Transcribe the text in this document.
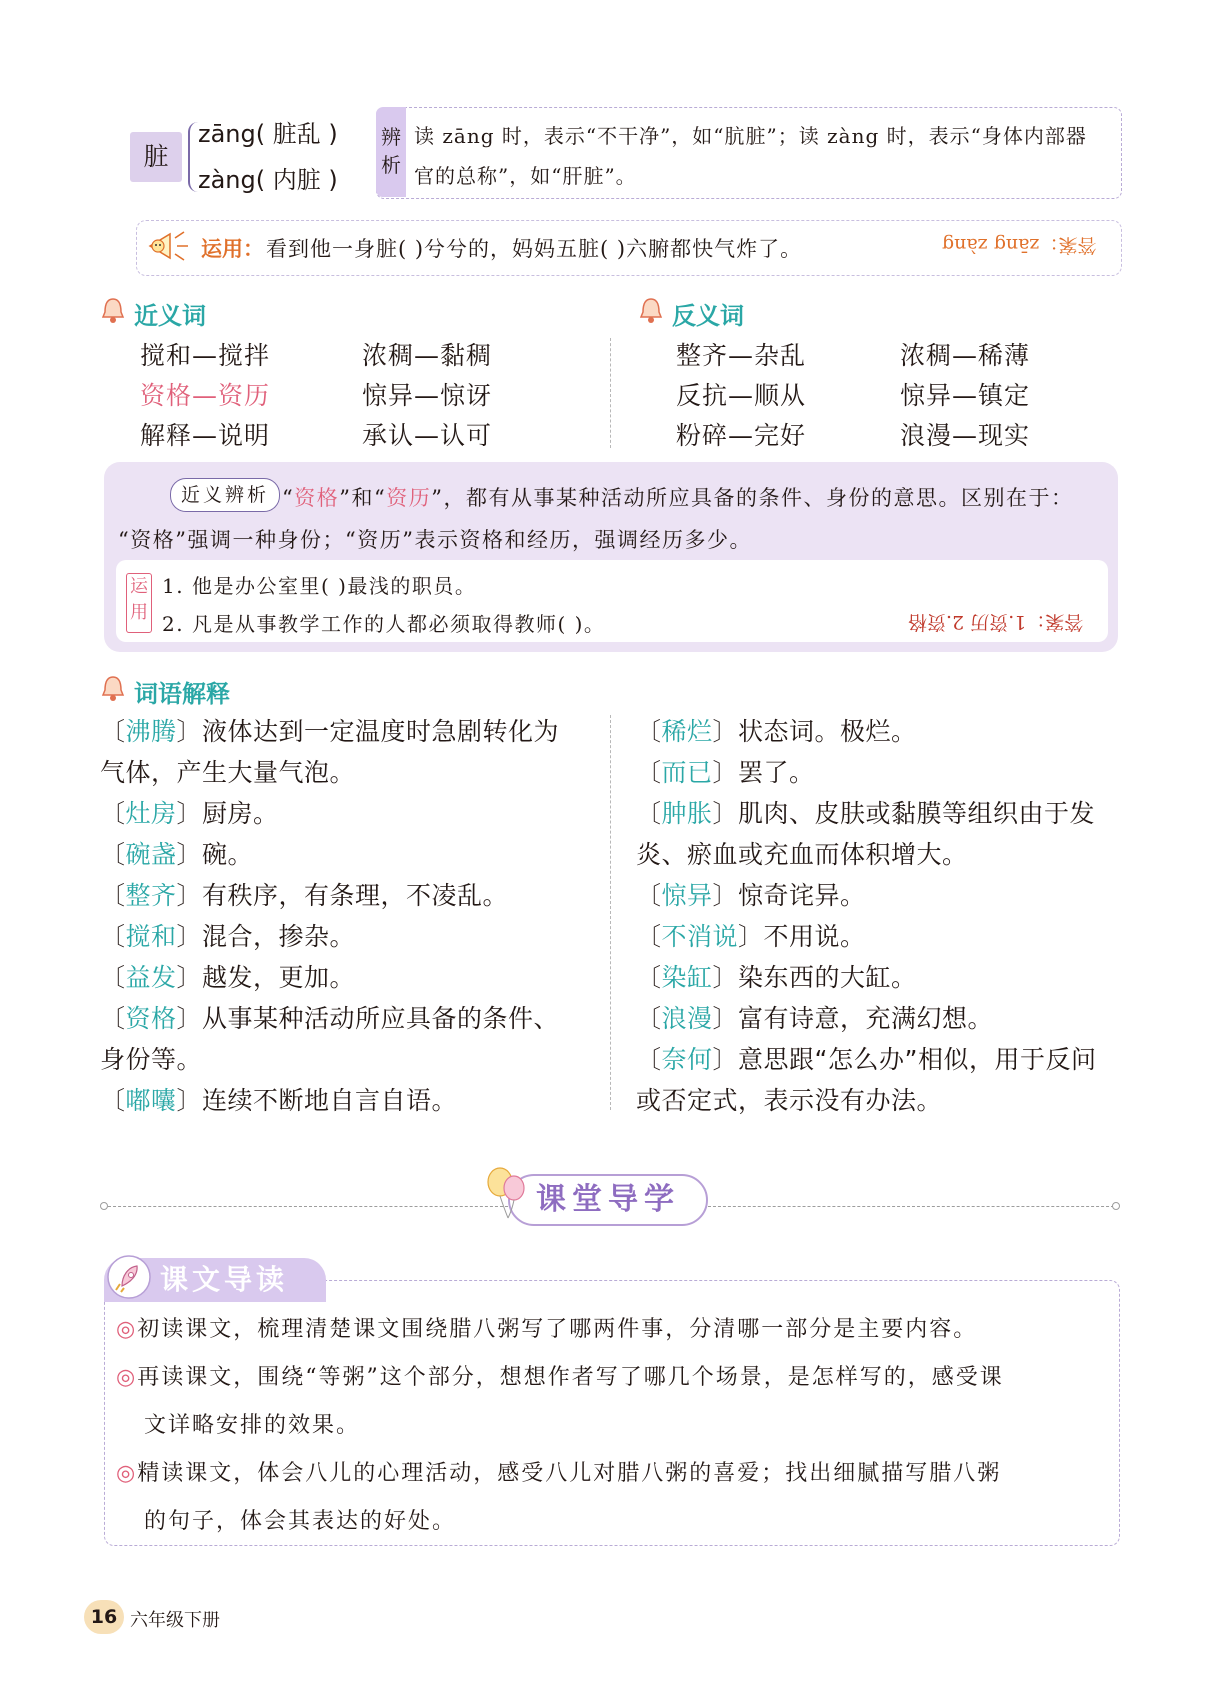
脏
zāng( 脏乱 )
zàng( 内脏 )
辨
析
读 zāng 时，表示“不干净”，如“肮脏”；读 zàng 时，表示“身体内部器
官的总称”，如“肝脏”。
运用： 看到他一身脏( )兮兮的，妈妈五脏( )六腑都快气炸了。	答案：zāng zàng
近义词
搅和—搅拌
资格—资历
解释—说明
浓稠—黏稠
惊异—惊讶
承认—认可
反义词
整齐—杂乱
反抗—顺从
粉碎—完好
浓稠—稀薄
惊异—镇定
浪漫—现实
近义辨析 “资格”和“资历”，都有从事某种活动所应具备的条件、身份的意思。区别在于：
“资格”强调一种身份；“资历”表示资格和经历，强调经历多少。
运
用
1. 他是办公室里( )最浅的职员。
2. 凡是从事教学工作的人都必须取得教师( )。	答案：1.资历 2.资格
词语解释
〔沸腾〕液体达到一定温度时急剧转化为
气体，产生大量气泡。
〔灶房〕厨房。
〔碗盏〕碗。
〔整齐〕有秩序，有条理，不凌乱。
〔搅和〕混合，掺杂。
〔益发〕越发，更加。
〔资格〕从事某种活动所应具备的条件、
身份等。
〔嘟囔〕连续不断地自言自语。
〔稀烂〕状态词。极烂。
〔而已〕罢了。
〔肿胀〕肌肉、皮肤或黏膜等组织由于发
炎、瘀血或充血而体积增大。
〔惊异〕惊奇诧异。
〔不消说〕不用说。
〔染缸〕染东西的大缸。
〔浪漫〕富有诗意，充满幻想。
〔奈何〕意思跟“怎么办”相似，用于反问
或否定式，表示没有办法。
课堂导学
课文导读
◎初读课文，梳理清楚课文围绕腊八粥写了哪两件事，分清哪一部分是主要内容。
◎再读课文，围绕“等粥”这个部分，想想作者写了哪几个场景，是怎样写的，感受课
文详略安排的效果。
◎精读课文，体会八儿的心理活动，感受八儿对腊八粥的喜爱；找出细腻描写腊八粥
的句子，体会其表达的好处。
16 六年级下册
